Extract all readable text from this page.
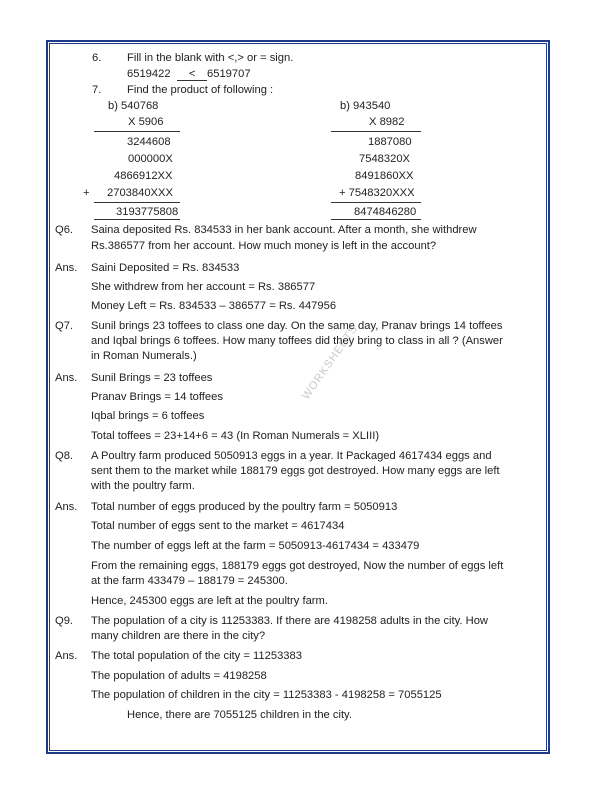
WORKSHEETS
6. Fill in the blank with <,> or = sign.
6519422 < 6519707
7. Find the product of following :
b) 540768
X 5906
3244608
000000X
4866912XX
+ 2703840XXX
3193775808
b) 943540
X 8982
1887080
7548320X
8491860XX
+ 7548320XXX
8474846280
Q6. Saina deposited Rs. 834533 in her bank account. After a month, she withdrew
Rs.386577 from her account. How much money is left in the account?
Ans. Saini Deposited = Rs. 834533
She withdrew from her account = Rs. 386577
Money Left = Rs. 834533 – 386577 = Rs. 447956
Q7. Sunil brings 23 toffees to class one day. On the same day, Pranav brings 14 toffees
and Iqbal brings 6 toffees. How many toffees did they bring to class in all ? (Answer
in Roman Numerals.)
Ans. Sunil Brings = 23 toffees
Pranav Brings = 14 toffees
Iqbal brings = 6 toffees
Total toffees = 23+14+6 = 43 (In Roman Numerals = XLIII)
Q8. A Poultry farm produced 5050913 eggs in a year. It Packaged 4617434 eggs and
sent them to the market while 188179 eggs got destroyed. How many eggs are left
with the poultry farm.
Ans. Total number of eggs produced by the poultry farm = 5050913
Total number of eggs sent to the market = 4617434
The number of eggs left at the farm = 5050913-4617434 = 433479
From the remaining eggs, 188179 eggs got destroyed, Now the number of eggs left
at the farm 433479 – 188179 = 245300.
Hence, 245300 eggs are left at the poultry farm.
Q9. The population of a city is 11253383. If there are 4198258 adults in the city. How
many children are there in the city?
Ans. The total population of the city = 11253383
The population of adults = 4198258
The population of children in the city = 11253383 - 4198258 = 7055125
Hence, there are 7055125 children in the city.
